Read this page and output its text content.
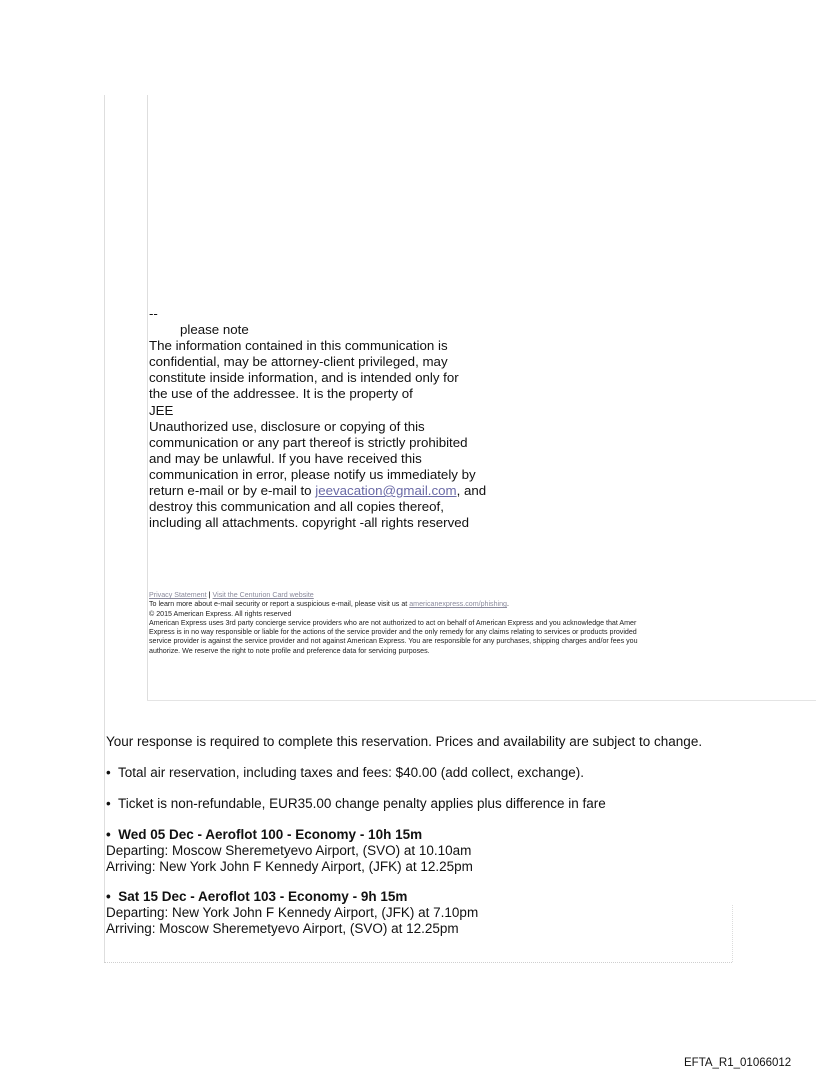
--
please note
The information contained in this communication is
confidential, may be attorney-client privileged, may
constitute inside information, and is intended only for
the use of the addressee. It is the property of
JEE
Unauthorized use, disclosure or copying of this
communication or any part thereof is strictly prohibited
and may be unlawful. If you have received this
communication in error, please notify us immediately by
return e-mail or by e-mail to jeevacation@gmail.com, and
destroy this communication and all copies thereof,
including all attachments. copyright -all rights reserved
Privacy Statement | Visit the Centurion Card website
To learn more about e-mail security or report a suspicious e-mail, please visit us at americanexpress.com/phishing.
© 2015 American Express. All rights reserved
American Express uses 3rd party concierge service providers who are not authorized to act on behalf of American Express and you acknowledge that Amer
Express is in no way responsible or liable for the actions of the service provider and the only remedy for any claims relating to services or products provided
service provider is against the service provider and not against American Express. You are responsible for any purchases, shipping charges and/or fees you
authorize. We reserve the right to note profile and preference data for servicing purposes.
Your response is required to complete this reservation. Prices and availability are subject to change.
• Total air reservation, including taxes and fees: $40.00 (add collect, exchange).
• Ticket is non-refundable, EUR35.00 change penalty applies plus difference in fare
• Wed 05 Dec - Aeroflot 100 - Economy - 10h 15m
Departing: Moscow Sheremetyevo Airport, (SVO) at 10.10am
Arriving: New York John F Kennedy Airport, (JFK) at 12.25pm
• Sat 15 Dec - Aeroflot 103 - Economy - 9h 15m
Departing: New York John F Kennedy Airport, (JFK) at 7.10pm
Arriving: Moscow Sheremetyevo Airport, (SVO) at 12.25pm
EFTA_R1_01066012
